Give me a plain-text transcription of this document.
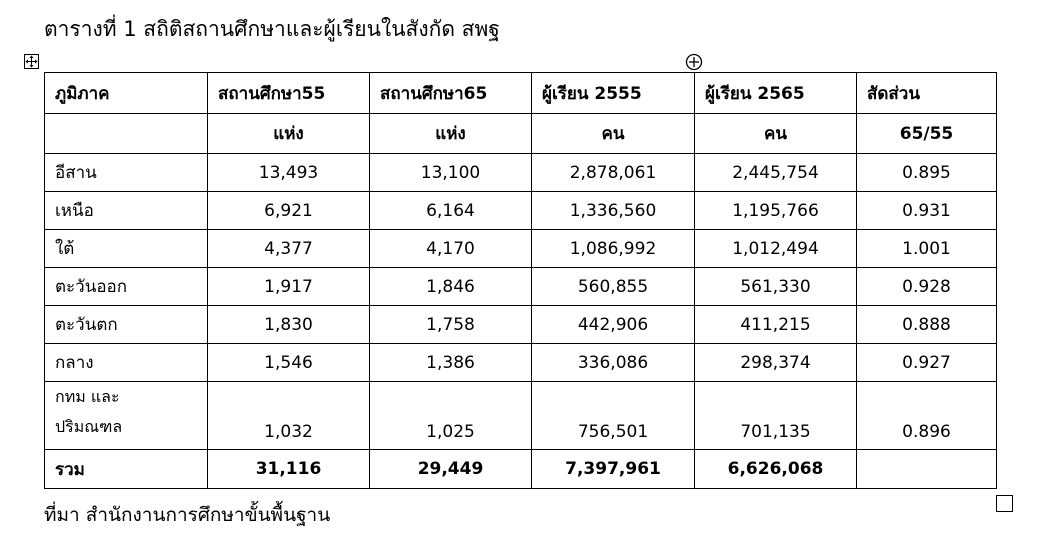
ตารางที่ 1 สถิติสถานศึกษาและผู้เรียนในสังกัด สพฐ
ภูมิภาค	สถานศึกษา55	สถานศึกษา65	ผู้เรียน 2555	ผู้เรียน 2565	สัดส่วน
	แห่ง	แห่ง	คน	คน	65/55
อีสาน	13,493	13,100	2,878,061	2,445,754	0.895
เหนือ	6,921	6,164	1,336,560	1,195,766	0.931
ใต้	4,377	4,170	1,086,992	1,012,494	1.001
ตะวันออก	1,917	1,846	560,855	561,330	0.928
ตะวันตก	1,830	1,758	442,906	411,215	0.888
กลาง	1,546	1,386	336,086	298,374	0.927

กทม และ
ปริมณฑล	1,032	1,025	756,501	701,135	0.896
รวม	31,116	29,449	7,397,961	6,626,068	
ที่มา สำนักงานการศึกษาขั้นพื้นฐาน
